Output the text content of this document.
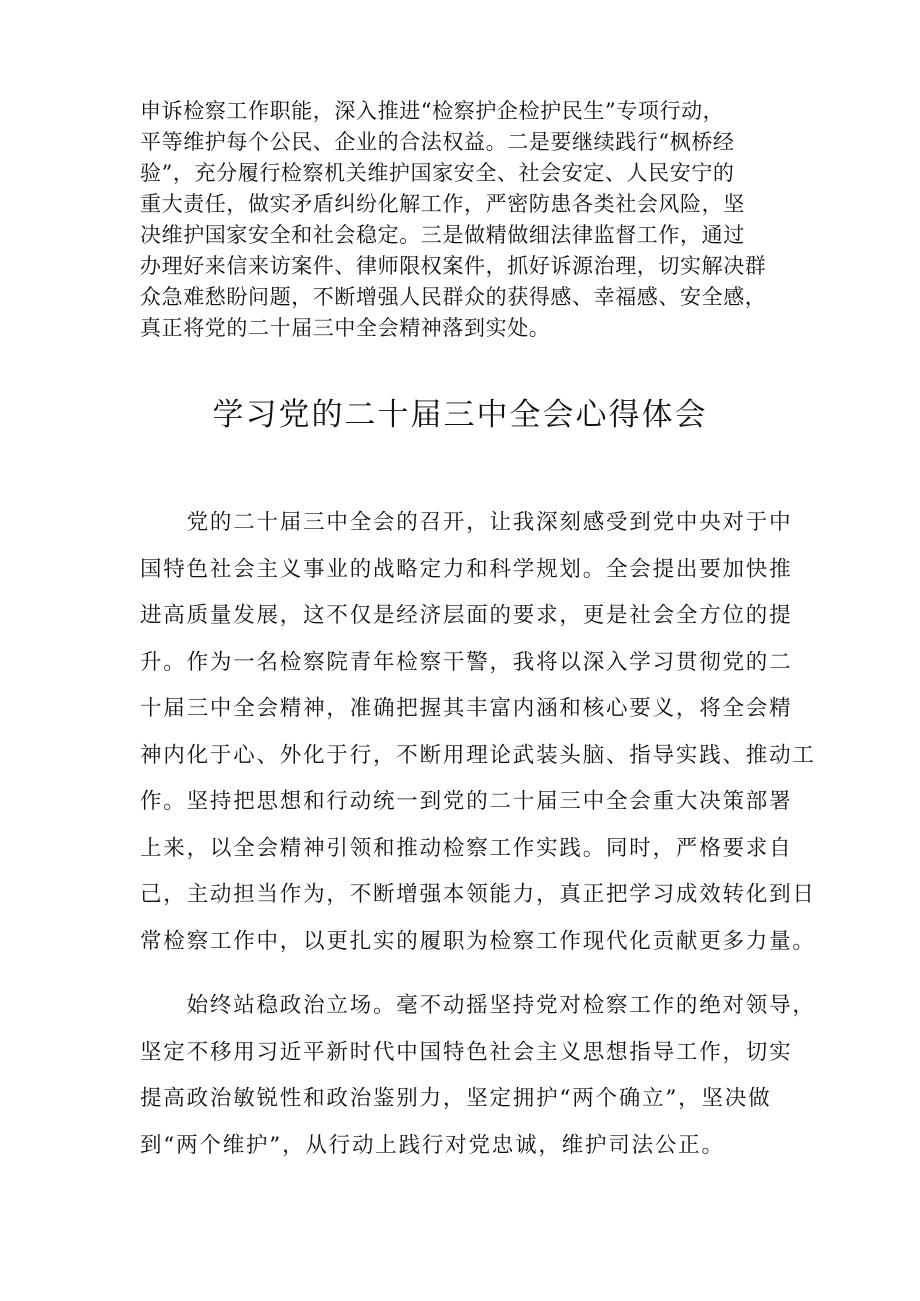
申诉检察工作职能，深入推进“检察护企检护民生”专项行动，
平等维护每个公民、企业的合法权益。二是要继续践行“枫桥经
验”，充分履行检察机关维护国家安全、社会安定、人民安宁的
重大责任，做实矛盾纠纷化解工作，严密防患各类社会风险，坚
决维护国家安全和社会稳定。三是做精做细法律监督工作，通过
办理好来信来访案件、律师限权案件，抓好诉源治理，切实解决群
众急难愁盼问题，不断增强人民群众的获得感、幸福感、安全感，
真正将党的二十届三中全会精神落到实处。
学习党的二十届三中全会心得体会
　　党的二十届三中全会的召开，让我深刻感受到党中央对于中
国特色社会主义事业的战略定力和科学规划。全会提出要加快推
进高质量发展，这不仅是经济层面的要求，更是社会全方位的提
升。作为一名检察院青年检察干警，我将以深入学习贯彻党的二
十届三中全会精神，准确把握其丰富内涵和核心要义，将全会精
神内化于心、外化于行，不断用理论武装头脑、指导实践、推动工
作。坚持把思想和行动统一到党的二十届三中全会重大决策部署
上来，以全会精神引领和推动检察工作实践。同时，严格要求自
己，主动担当作为，不断增强本领能力，真正把学习成效转化到日
常检察工作中，以更扎实的履职为检察工作现代化贡献更多力量。
　　始终站稳政治立场。毫不动摇坚持党对检察工作的绝对领导，
坚定不移用习近平新时代中国特色社会主义思想指导工作，切实
提高政治敏锐性和政治鉴别力，坚定拥护“两个确立”，坚决做
到“两个维护”，从行动上践行对党忠诚，维护司法公正。
